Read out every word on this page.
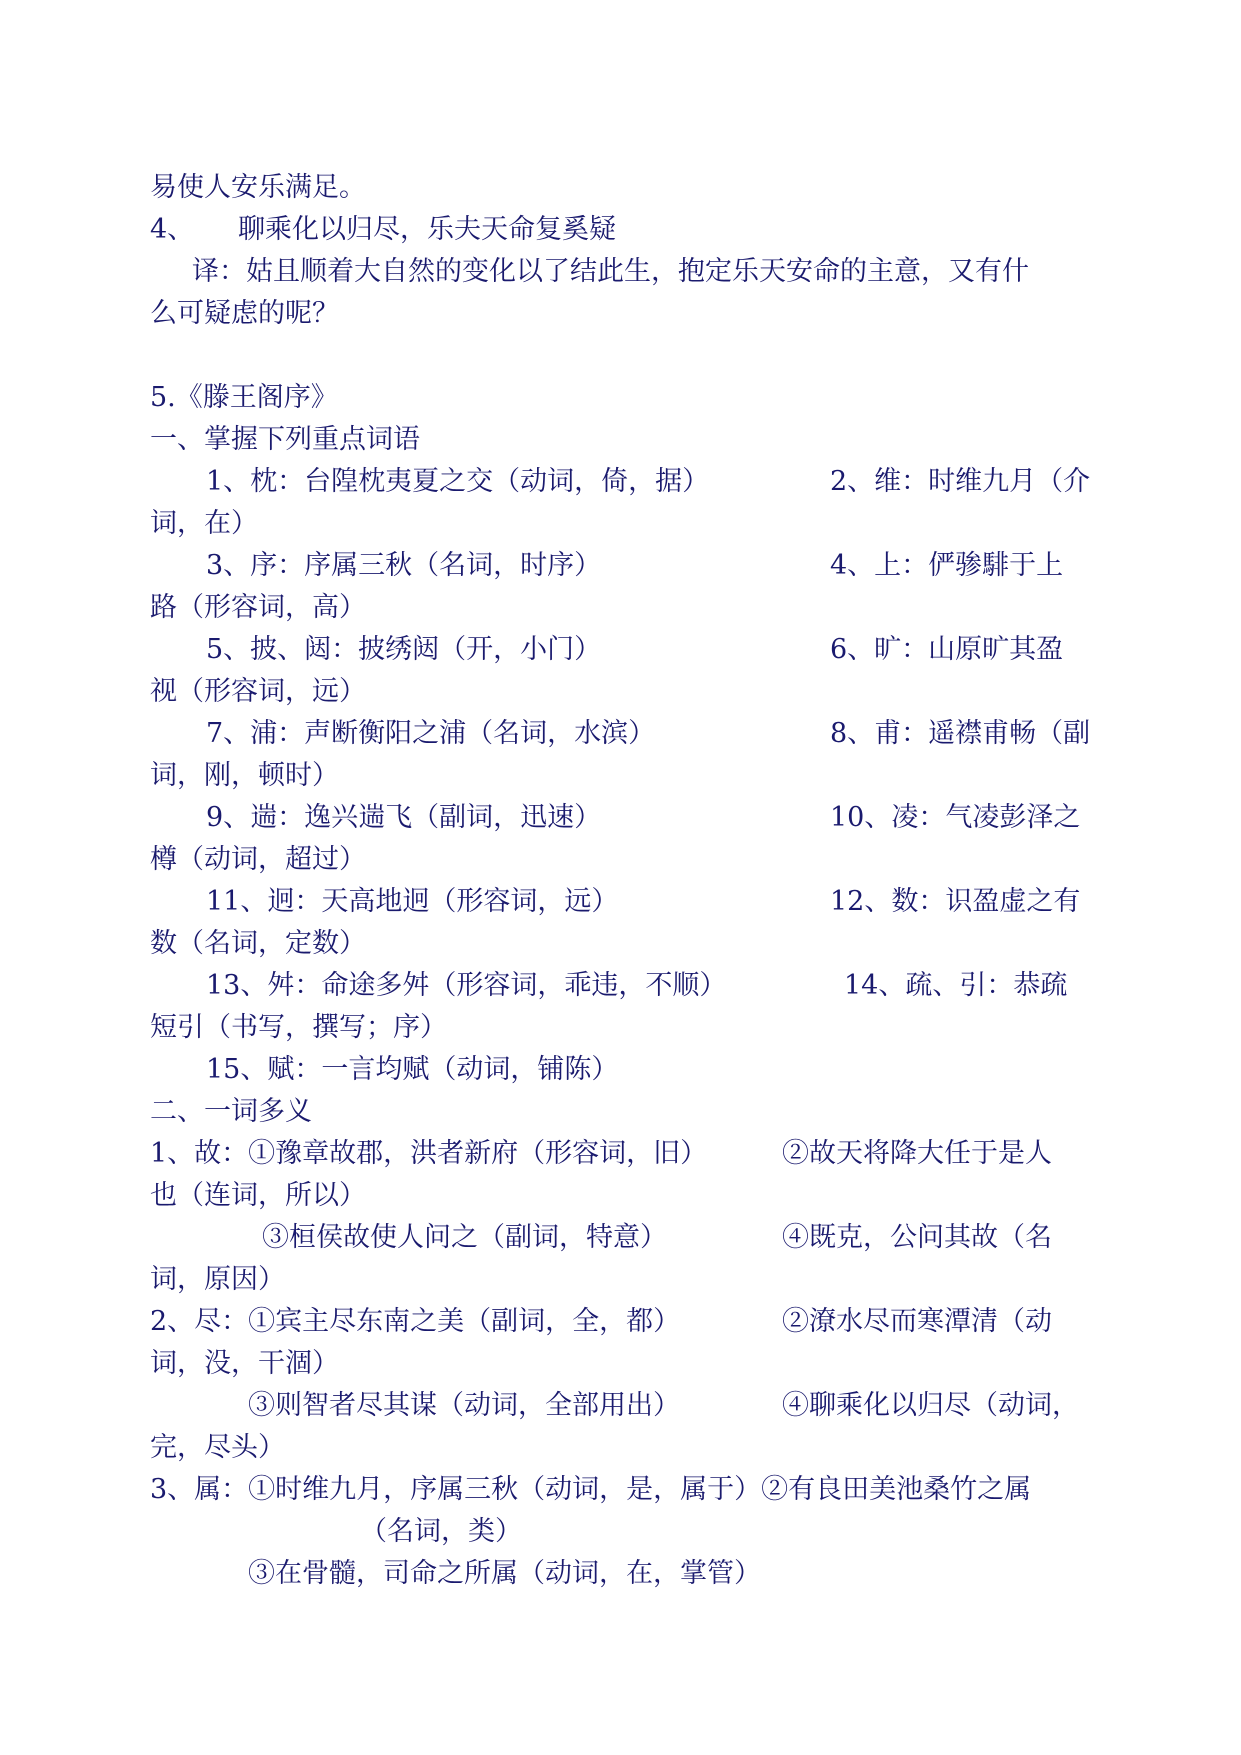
易使人安乐满足。
4、 聊乘化以归尽，乐夫天命复奚疑
译：姑且顺着大自然的变化以了结此生，抱定乐天安命的主意，又有什
么可疑虑的呢？
5.《滕王阁序》
一、掌握下列重点词语
1、枕：台隍枕夷夏之交（动词，倚，据）	2、维：时维九月（介
词，在）
3、序：序属三秋（名词，时序）	4、上：俨骖騑于上
路（形容词，高）
5、披、闼：披绣闼（开，小门）	6、旷：山原旷其盈
视（形容词，远）
7、浦：声断衡阳之浦（名词，水滨）	8、甫：遥襟甫畅（副
词，刚，顿时）
9、遄：逸兴遄飞（副词，迅速）	10、凌：气凌彭泽之
樽（动词，超过）
11、迥：天高地迥（形容词，远）	12、数：识盈虚之有
数（名词，定数）
13、舛：命途多舛（形容词，乖违，不顺）	14、疏、引：恭疏
短引（书写，撰写；序）
15、赋：一言均赋（动词，铺陈）
二、一词多义
1、故：①豫章故郡，洪者新府（形容词，旧）	②故天将降大任于是人
也（连词，所以）
③桓侯故使人问之（副词，特意）	④既克，公问其故（名
词，原因）
2、尽：①宾主尽东南之美（副词，全，都）	②潦水尽而寒潭清（动
词，没，干涸）
③则智者尽其谋（动词，全部用出）	④聊乘化以归尽（动词，
完，尽头）
3、属：①时维九月，序属三秋（动词，是，属于）②有良田美池桑竹之属
（名词，类）
③在骨髓，司命之所属（动词，在，掌管）
